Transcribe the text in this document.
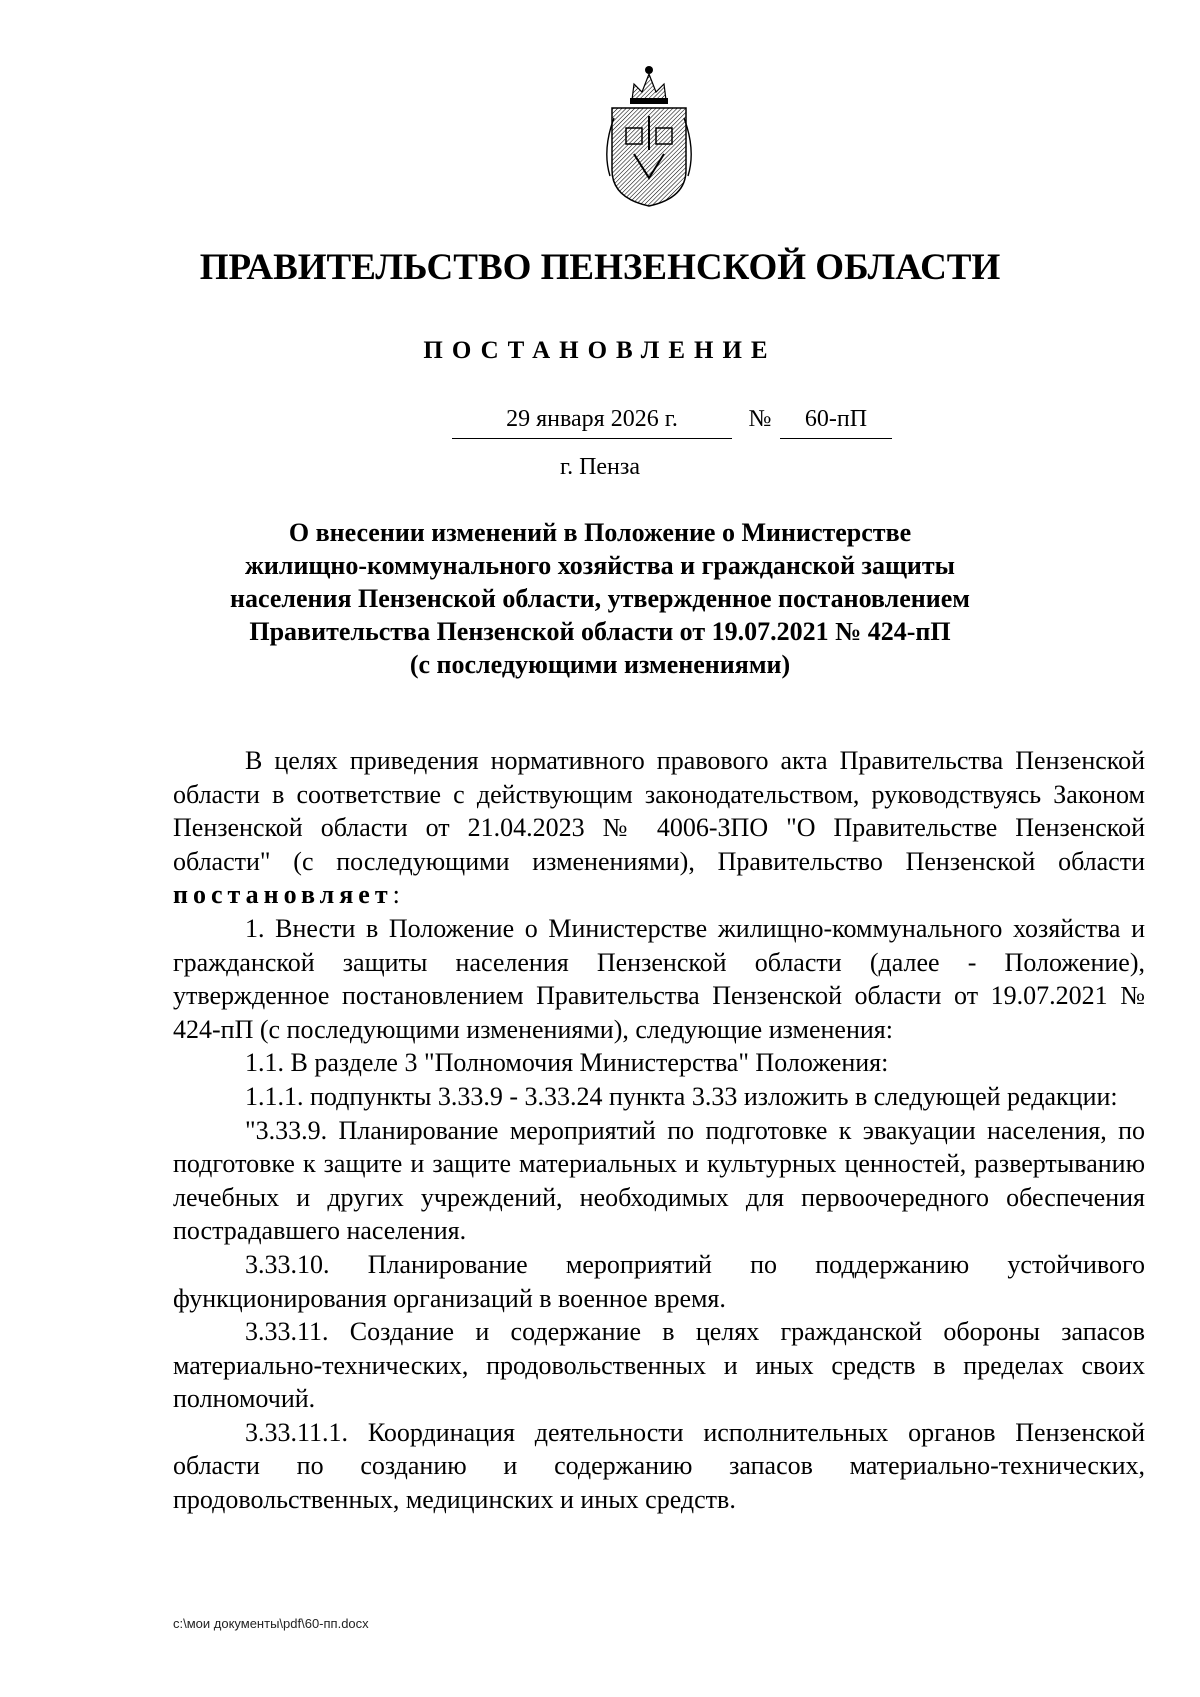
ПРАВИТЕЛЬСТВО ПЕНЗЕНСКОЙ ОБЛАСТИ
ПОСТАНОВЛЕНИЕ
29 января 2026 г.	№	60-пП
г. Пенза
О внесении изменений в Положение о Министерстве
жилищно-коммунального хозяйства и гражданской защиты
населения Пензенской области, утвержденное постановлением
Правительства Пензенской области от 19.07.2021 № 424-пП
(с последующими изменениями)

В целях приведения нормативного правового акта Правительства Пензенской области в соответствие с действующим законодательством, руководствуясь Законом Пензенской области от 21.04.2023 № 4006-ЗПО "О Правительстве Пензенской области" (с последующими изменениями), Правительство Пензенской области постановляет:

1. Внести в Положение о Министерстве жилищно-коммунального хозяйства и гражданской защиты населения Пензенской области (далее - Положение), утвержденное постановлением Правительства Пензенской области от 19.07.2021 № 424-пП (с последующими изменениями), следующие изменения:

1.1. В разделе 3 "Полномочия Министерства" Положения:

1.1.1. подпункты 3.33.9 - 3.33.24 пункта 3.33 изложить в следующей редакции:

"3.33.9. Планирование мероприятий по подготовке к эвакуации населения, по подготовке к защите и защите материальных и культурных ценностей, развертыванию лечебных и других учреждений, необходимых для первоочередного обеспечения пострадавшего населения.

3.33.10. Планирование мероприятий по поддержанию устойчивого функционирования организаций в военное время.

3.33.11. Создание и содержание в целях гражданской обороны запасов материально-технических, продовольственных и иных средств в пределах своих полномочий.

3.33.11.1. Координация деятельности исполнительных органов Пензенской области по созданию и содержанию запасов материально-технических, продовольственных, медицинских и иных средств.

c:\мои документы\pdf\60-пп.docx
